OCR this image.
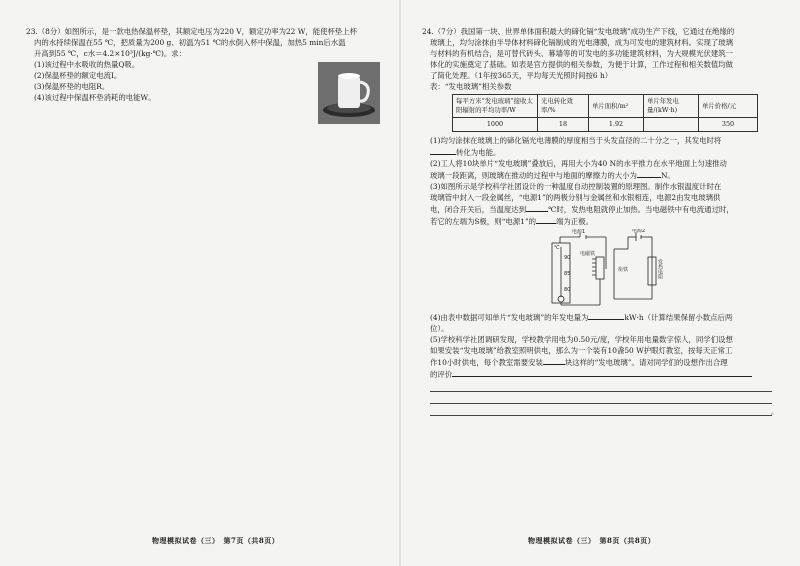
23.（8分）如图所示，是一款电热保温杯垫，其额定电压为220 V，额定功率为22 W，能使杯垫上杯

内的水持续保温在55 ℃，把质量为200 g、初温为51 ℃的水倒入杯中保温，加热5 min后水温

升高到55 ℃，c水＝4.2×10³J/(kg·℃)。求：

(1)该过程中水吸收的热量Q吸。

(2)保温杯垫的额定电流I。

(3)保温杯垫的电阻R。

(4)该过程中保温杯垫消耗的电能W。

物理模拟试卷（三）　第7页（共8页）

24.（7分）我国第一块、世界单体面积最大的碲化镉“发电玻璃”成功生产下线，它通过在绝缘的

玻璃上，均匀涂抹由半导体材料碲化镉制成的光电薄膜，成为可发电的建筑材料。实现了玻璃

与材料的有机结合，是可替代砖头、幕墙等的可发电的多功能建筑材料，为大规模光伏建筑一

体化的实施奠定了基础。如表是官方提供的相关参数，为便于计算，工作过程和相关数值均做

了简化处理。（1年按365天，平均每天光照时间按6 h）

表：“发电玻璃”相关参数

每平方米“发电玻璃”接收太阳辐射的平均功率/W	光电转化效率/%	单片面积/m²	单片年发电量/(kW·h)	单片价格/元
1000	18	1.92		350

(1)均匀涂抹在玻璃上的碲化镉光电薄膜的厚度相当于头发直径的二十分之一，其发电时将

转化为电能。

(2)工人将10块单片“发电玻璃”叠放后，再用大小为40 N的水平推力在水平地面上匀速推动

玻璃一段距离，则玻璃在推动的过程中与地面的摩擦力的大小为	N。

(3)如图所示是学校科学社团设计的一种温度自动控制装置的原理图。制作水银温度计时在

玻璃管中封入一段金属丝，“电源1”的两极分别与金属丝和水银相连，电源2由发电玻璃供

电，闭合开关后，当温度达到	℃时，发热电阻就停止加热。当电磁铁中有电流通过时，

若它的左端为S极，则“电源1”的	端为正极。

℃
90
85
80
电源1	电源2
电磁铁
衔铁	发热电阻

(4)由表中数据可知单片“发电玻璃”的年发电量为	kW·h（计算结果保留小数点后两

位）。

(5)学校科学社团调研发现，学校教学用电为0.50元/度，学校年用电量数字惊人，同学们设想

如果安装“发电玻璃”给教室照明供电，那么为一个装有10盏50 W护眼灯教室，按每天正常工

作10小时供电，每个教室需要安装	块这样的“发电玻璃”。请对同学们的设想作出合理

的评价

。
物理模拟试卷（三）　第8页（共8页）
